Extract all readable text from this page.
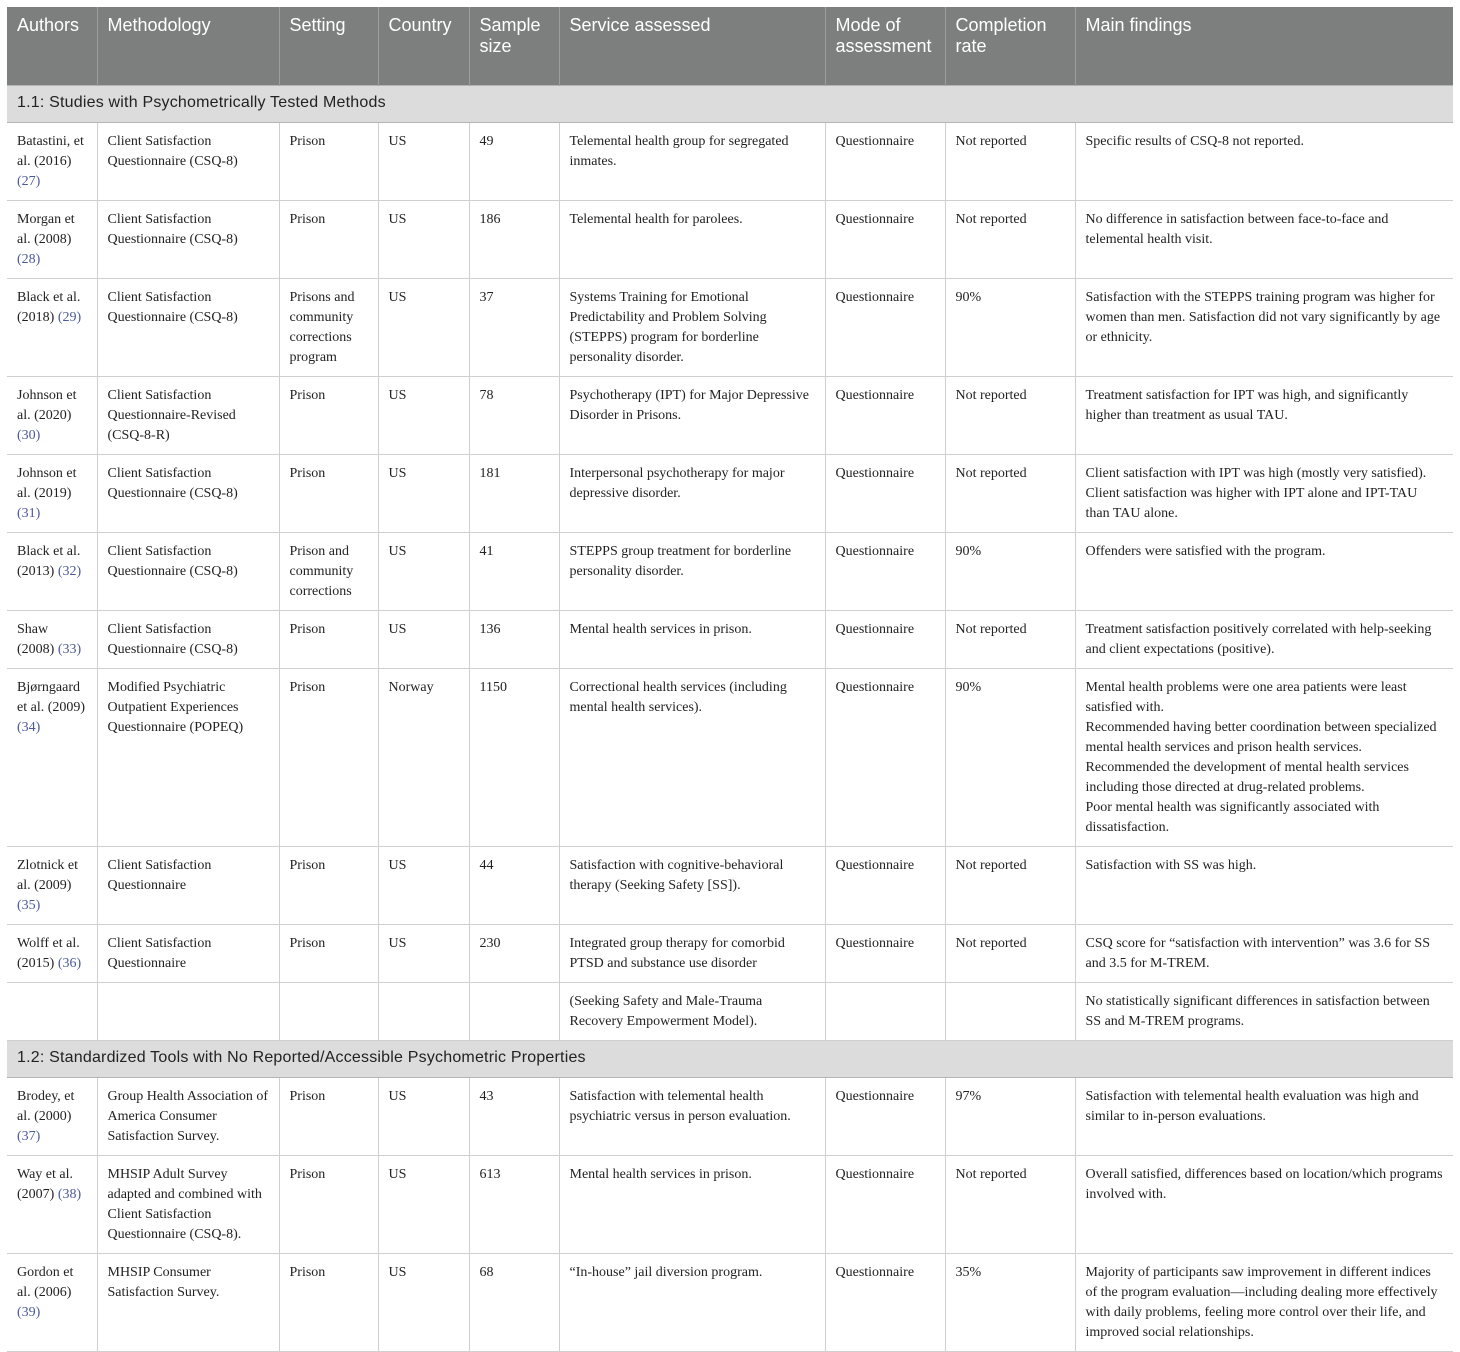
Authors	Methodology	Setting	Country	Sample size	Service assessed	Mode of assessment	Completion rate	Main findings
1.1: Studies with Psychometrically Tested Methods								
Batastini, et al. (2016) (27)	Client Satisfaction Questionnaire (CSQ-8)	Prison	US	49	Telemental health group for segregated inmates.	Questionnaire	Not reported	Specific results of CSQ-8 not reported.

Morgan et al. (2008) (28)	Client Satisfaction Questionnaire (CSQ-8)	Prison	US	186	Telemental health for parolees.	Questionnaire	Not reported	No difference in satisfaction between face-to-face and telemental health visit.

Black et al. (2018) (29)	Client Satisfaction Questionnaire (CSQ-8)	Prisons and community corrections program	US	37	Systems Training for Emotional Predictability and Problem Solving (STEPPS) program for borderline personality disorder.	Questionnaire	90%	Satisfaction with the STEPPS training program was higher for women than men. Satisfaction did not vary significantly by age or ethnicity.

Johnson et al. (2020) (30)	Client Satisfaction Questionnaire-Revised (CSQ-8-R)	Prison	US	78	Psychotherapy (IPT) for Major Depressive Disorder in Prisons.	Questionnaire	Not reported	Treatment satisfaction for IPT was high, and significantly higher than treatment as usual TAU.

Johnson et al. (2019) (31)	Client Satisfaction Questionnaire (CSQ-8)	Prison	US	181	Interpersonal psychotherapy for major depressive disorder.	Questionnaire	Not reported	Client satisfaction with IPT was high (mostly very satisfied). Client satisfaction was higher with IPT alone and IPT-TAU than TAU alone.

Black et al. (2013) (32)	Client Satisfaction Questionnaire (CSQ-8)	Prison and community corrections	US	41	STEPPS group treatment for borderline personality disorder.	Questionnaire	90%	Offenders were satisfied with the program.

Shaw (2008) (33)	Client Satisfaction Questionnaire (CSQ-8)	Prison	US	136	Mental health services in prison.	Questionnaire	Not reported	Treatment satisfaction positively correlated with help-seeking and client expectations (positive).

Bjørngaard et al. (2009) (34)	Modified Psychiatric Outpatient Experiences Questionnaire (POPEQ)	Prison	Norway	1150	Correctional health services (including mental health services).	Questionnaire	90%	Mental health problems were one area patients were least satisfied with.
Recommended having better coordination between specialized mental health services and prison health services.
Recommended the development of mental health services including those directed at drug-related problems.
Poor mental health was significantly associated with dissatisfaction.

Zlotnick et al. (2009) (35)	Client Satisfaction Questionnaire	Prison	US	44	Satisfaction with cognitive-behavioral therapy (Seeking Safety [SS]).	Questionnaire	Not reported	Satisfaction with SS was high.

Wolff et al. (2015) (36)	Client Satisfaction Questionnaire	Prison	US	230	Integrated group therapy for comorbid PTSD and substance use disorder	Questionnaire	Not reported	CSQ score for “satisfaction with intervention” was 3.6 for SS and 3.5 for M-TREM.

					(Seeking Safety and Male-Trauma Recovery Empowerment Model).			No statistically significant differences in satisfaction between SS and M-TREM programs.

1.2: Standardized Tools with No Reported/Accessible Psychometric Properties								
Brodey, et al. (2000) (37)	Group Health Association of America Consumer Satisfaction Survey.	Prison	US	43	Satisfaction with telemental health psychiatric versus in person evaluation.	Questionnaire	97%	Satisfaction with telemental health evaluation was high and similar to in-person evaluations.

Way et al. (2007) (38)	MHSIP Adult Survey adapted and combined with Client Satisfaction Questionnaire (CSQ-8).	Prison	US	613	Mental health services in prison.	Questionnaire	Not reported	Overall satisfied, differences based on location/which programs involved with.

Gordon et al. (2006) (39)	MHSIP Consumer Satisfaction Survey.	Prison	US	68	“In-house” jail diversion program.	Questionnaire	35%	Majority of participants saw improvement in different indices of the program evaluation—including dealing more effectively with daily problems, feeling more control over their life, and improved social relationships.
